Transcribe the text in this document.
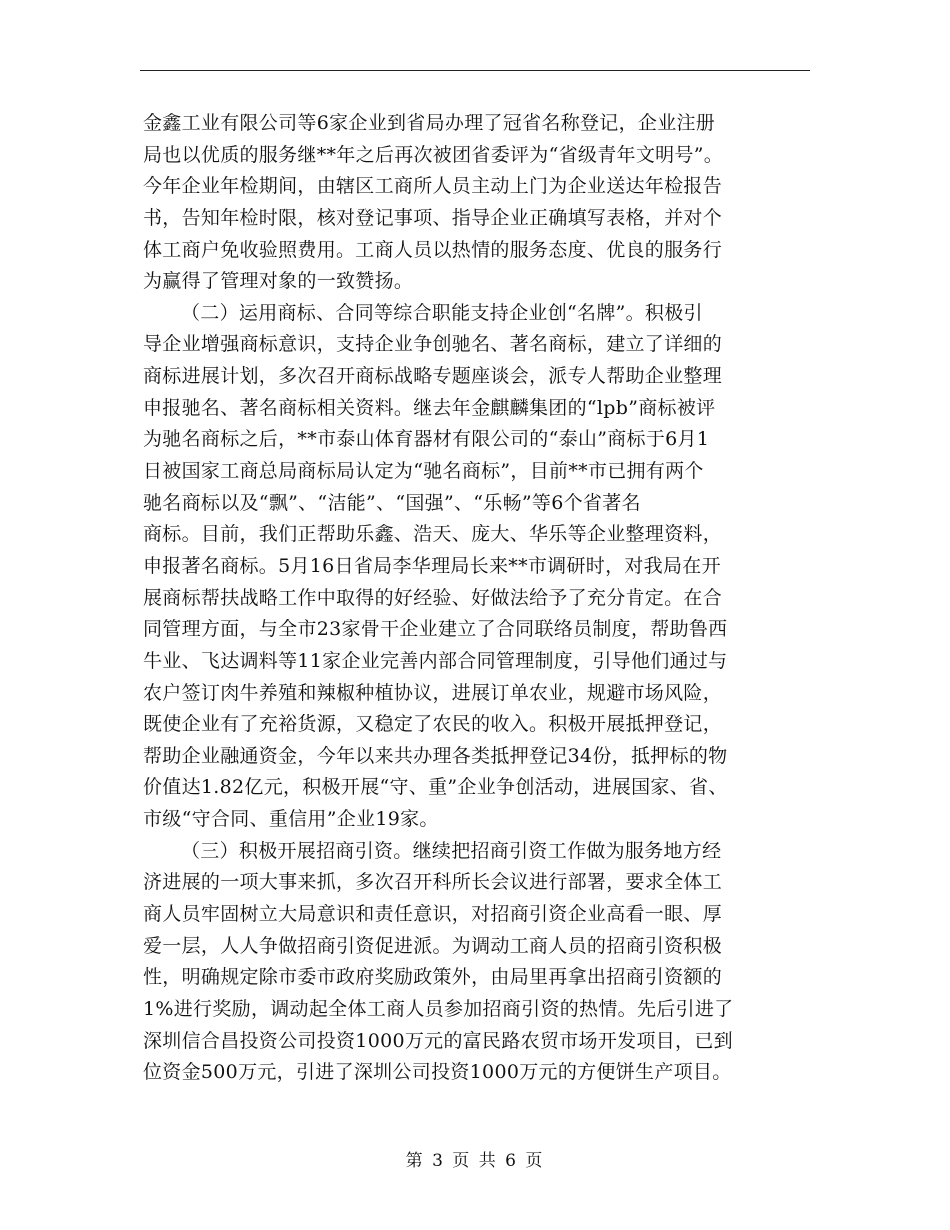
金鑫工业有限公司等6家企业到省局办理了冠省名称登记，企业注册
局也以优质的服务继**年之后再次被团省委评为“省级青年文明号”。
今年企业年检期间，由辖区工商所人员主动上门为企业送达年检报告
书，告知年检时限，核对登记事项、指导企业正确填写表格，并对个
体工商户免收验照费用。工商人员以热情的服务态度、优良的服务行
为赢得了管理对象的一致赞扬。
（二）运用商标、合同等综合职能支持企业创“名牌”。积极引
导企业增强商标意识，支持企业争创驰名、著名商标，建立了详细的
商标进展计划，多次召开商标战略专题座谈会，派专人帮助企业整理
申报驰名、著名商标相关资料。继去年金麒麟集团的“lpb”商标被评
为驰名商标之后，**市泰山体育器材有限公司的“泰山”商标于6月1
日被国家工商总局商标局认定为“驰名商标”，目前**市已拥有两个
驰名商标以及“飘”、“洁能”、“国强”、“乐畅”等6个省著名
商标。目前，我们正帮助乐鑫、浩天、庞大、华乐等企业整理资料，
申报著名商标。5月16日省局李华理局长来**市调研时，对我局在开
展商标帮扶战略工作中取得的好经验、好做法给予了充分肯定。在合
同管理方面，与全市23家骨干企业建立了合同联络员制度，帮助鲁西
牛业、飞达调料等11家企业完善内部合同管理制度，引导他们通过与
农户签订肉牛养殖和辣椒种植协议，进展订单农业，规避市场风险，
既使企业有了充裕货源，又稳定了农民的收入。积极开展抵押登记，
帮助企业融通资金，今年以来共办理各类抵押登记34份，抵押标的物
价值达1.82亿元，积极开展“守、重”企业争创活动，进展国家、省、
市级“守合同、重信用”企业19家。
（三）积极开展招商引资。继续把招商引资工作做为服务地方经
济进展的一项大事来抓，多次召开科所长会议进行部署，要求全体工
商人员牢固树立大局意识和责任意识，对招商引资企业高看一眼、厚
爱一层，人人争做招商引资促进派。为调动工商人员的招商引资积极
性，明确规定除市委市政府奖励政策外，由局里再拿出招商引资额的
1%进行奖励，调动起全体工商人员参加招商引资的热情。先后引进了
深圳信合昌投资公司投资1000万元的富民路农贸市场开发项目，已到
位资金500万元，引进了深圳公司投资1000万元的方便饼生产项目。
第 3 页 共 6 页
